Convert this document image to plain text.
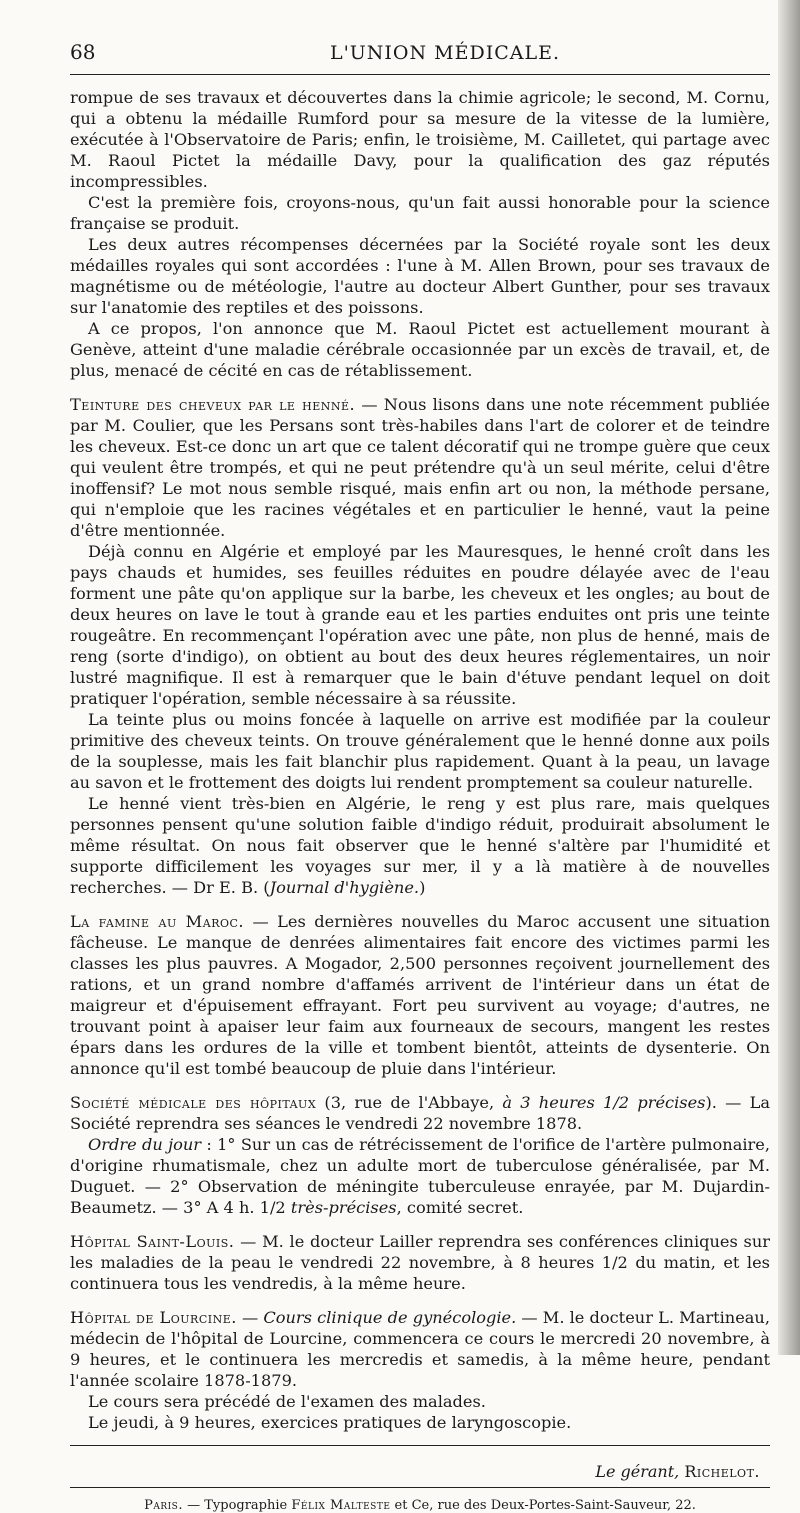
68	L'UNION MÉDICALE.

rompue de ses travaux et découvertes dans la chimie agricole; le second, M. Cornu, qui a obtenu la médaille Rumford pour sa mesure de la vitesse de la lumière, exécutée à l'Observatoire de Paris; enfin, le troisième, M. Cailletet, qui partage avec M. Raoul Pictet la médaille Davy, pour la qualification des gaz réputés incompressibles.

C'est la première fois, croyons-nous, qu'un fait aussi honorable pour la science française se produit.

Les deux autres récompenses décernées par la Société royale sont les deux médailles royales qui sont accordées : l'une à M. Allen Brown, pour ses travaux de magnétisme ou de météologie, l'autre au docteur Albert Gunther, pour ses travaux sur l'anatomie des reptiles et des poissons.

A ce propos, l'on annonce que M. Raoul Pictet est actuellement mourant à Genève, atteint d'une maladie cérébrale occasionnée par un excès de travail, et, de plus, menacé de cécité en cas de rétablissement.

Teinture des cheveux par le henné. — Nous lisons dans une note récemment publiée par M. Coulier, que les Persans sont très-habiles dans l'art de colorer et de teindre les cheveux. Est-ce donc un art que ce talent décoratif qui ne trompe guère que ceux qui veulent être trompés, et qui ne peut prétendre qu'à un seul mérite, celui d'être inoffensif? Le mot nous semble risqué, mais enfin art ou non, la méthode persane, qui n'emploie que les racines végétales et en particulier le henné, vaut la peine d'être mentionnée.

Déjà connu en Algérie et employé par les Mauresques, le henné croît dans les pays chauds et humides, ses feuilles réduites en poudre délayée avec de l'eau forment une pâte qu'on applique sur la barbe, les cheveux et les ongles; au bout de deux heures on lave le tout à grande eau et les parties enduites ont pris une teinte rougeâtre. En recommençant l'opération avec une pâte, non plus de henné, mais de reng (sorte d'indigo), on obtient au bout des deux heures réglementaires, un noir lustré magnifique. Il est à remarquer que le bain d'étuve pendant lequel on doit pratiquer l'opération, semble nécessaire à sa réussite.

La teinte plus ou moins foncée à laquelle on arrive est modifiée par la couleur primitive des cheveux teints. On trouve généralement que le henné donne aux poils de la souplesse, mais les fait blanchir plus rapidement. Quant à la peau, un lavage au savon et le frottement des doigts lui rendent promptement sa couleur naturelle.

Le henné vient très-bien en Algérie, le reng y est plus rare, mais quelques personnes pensent qu'une solution faible d'indigo réduit, produirait absolument le même résultat. On nous fait observer que le henné s'altère par l'humidité et supporte difficilement les voyages sur mer, il y a là matière à de nouvelles recherches. — Dr E. B. (Journal d'hygiène.)

La famine au Maroc. — Les dernières nouvelles du Maroc accusent une situation fâcheuse. Le manque de denrées alimentaires fait encore des victimes parmi les classes les plus pauvres. A Mogador, 2,500 personnes reçoivent journellement des rations, et un grand nombre d'affamés arrivent de l'intérieur dans un état de maigreur et d'épuisement effrayant. Fort peu survivent au voyage; d'autres, ne trouvant point à apaiser leur faim aux fourneaux de secours, mangent les restes épars dans les ordures de la ville et tombent bientôt, atteints de dysenterie. On annonce qu'il est tombé beaucoup de pluie dans l'intérieur.

Société médicale des hôpitaux (3, rue de l'Abbaye, à 3 heures 1/2 précises). — La Société reprendra ses séances le vendredi 22 novembre 1878.

Ordre du jour : 1° Sur un cas de rétrécissement de l'orifice de l'artère pulmonaire, d'origine rhumatismale, chez un adulte mort de tuberculose généralisée, par M. Duguet. — 2° Observation de méningite tuberculeuse enrayée, par M. Dujardin-Beaumetz. — 3° A 4 h. 1/2 très-précises, comité secret.

Hôpital Saint-Louis. — M. le docteur Lailler reprendra ses conférences cliniques sur les maladies de la peau le vendredi 22 novembre, à 8 heures 1/2 du matin, et les continuera tous les vendredis, à la même heure.

Hôpital de Lourcine. — Cours clinique de gynécologie. — M. le docteur L. Martineau, médecin de l'hôpital de Lourcine, commencera ce cours le mercredi 20 novembre, à 9 heures, et le continuera les mercredis et samedis, à la même heure, pendant l'année scolaire 1878-1879.

Le cours sera précédé de l'examen des malades.

Le jeudi, à 9 heures, exercices pratiques de laryngoscopie.

Le gérant, Richelot.
Paris. — Typographie Félix Malteste et Ce, rue des Deux-Portes-Saint-Sauveur, 22.
